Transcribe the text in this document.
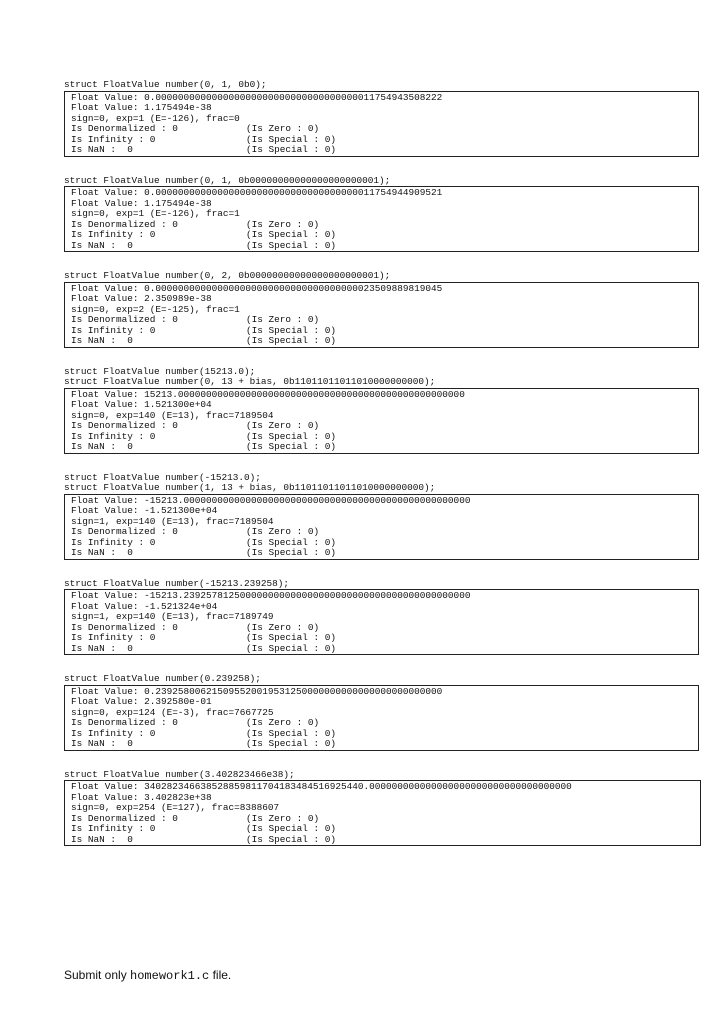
struct FloatValue number(0, 1, 0b0);
Float Value: 0.000000000000000000000000000000000000011754943508222
Float Value: 1.175494e-38
sign=0, exp=1 (E=-126), frac=0
Is Denormalized : 0	(Is Zero : 0)
Is Infinity : 0	(Is Special : 0)
Is NaN :  0	(Is Special : 0)
struct FloatValue number(0, 1, 0b00000000000000000000001);
Float Value: 0.000000000000000000000000000000000000011754944909521
Float Value: 1.175494e-38
sign=0, exp=1 (E=-126), frac=1
Is Denormalized : 0	(Is Zero : 0)
Is Infinity : 0	(Is Special : 0)
Is NaN :  0	(Is Special : 0)
struct FloatValue number(0, 2, 0b00000000000000000000001);
Float Value: 0.000000000000000000000000000000000000023509889819045
Float Value: 2.350989e-38
sign=0, exp=2 (E=-125), frac=1
Is Denormalized : 0	(Is Zero : 0)
Is Infinity : 0	(Is Special : 0)
Is NaN :  0	(Is Special : 0)
struct FloatValue number(15213.0);
struct FloatValue number(0, 13 + bias, 0b11011011011010000000000);
Float Value: 15213.000000000000000000000000000000000000000000000000000
Float Value: 1.521300e+04
sign=0, exp=140 (E=13), frac=7189504
Is Denormalized : 0	(Is Zero : 0)
Is Infinity : 0	(Is Special : 0)
Is NaN :  0	(Is Special : 0)
struct FloatValue number(-15213.0);
struct FloatValue number(1, 13 + bias, 0b11011011011010000000000);
Float Value: -15213.000000000000000000000000000000000000000000000000000
Float Value: -1.521300e+04
sign=1, exp=140 (E=13), frac=7189504
Is Denormalized : 0	(Is Zero : 0)
Is Infinity : 0	(Is Special : 0)
Is NaN :  0	(Is Special : 0)
struct FloatValue number(-15213.239258);
Float Value: -15213.239257812500000000000000000000000000000000000000000
Float Value: -1.521324e+04
sign=1, exp=140 (E=13), frac=7189749
Is Denormalized : 0	(Is Zero : 0)
Is Infinity : 0	(Is Special : 0)
Is NaN :  0	(Is Special : 0)
struct FloatValue number(0.239258);
Float Value: 0.239258006215095520019531250000000000000000000000000
Float Value: 2.392580e-01
sign=0, exp=124 (E=-3), frac=7667725
Is Denormalized : 0	(Is Zero : 0)
Is Infinity : 0	(Is Special : 0)
Is NaN :  0	(Is Special : 0)
struct FloatValue number(3.402823466e38);
Float Value: 340282346638528859811704183484516925440.000000000000000000000000000000000000
Float Value: 3.402823e+38
sign=0, exp=254 (E=127), frac=8388607
Is Denormalized : 0	(Is Zero : 0)
Is Infinity : 0	(Is Special : 0)
Is NaN :  0	(Is Special : 0)
Submit only homework1.c file.
